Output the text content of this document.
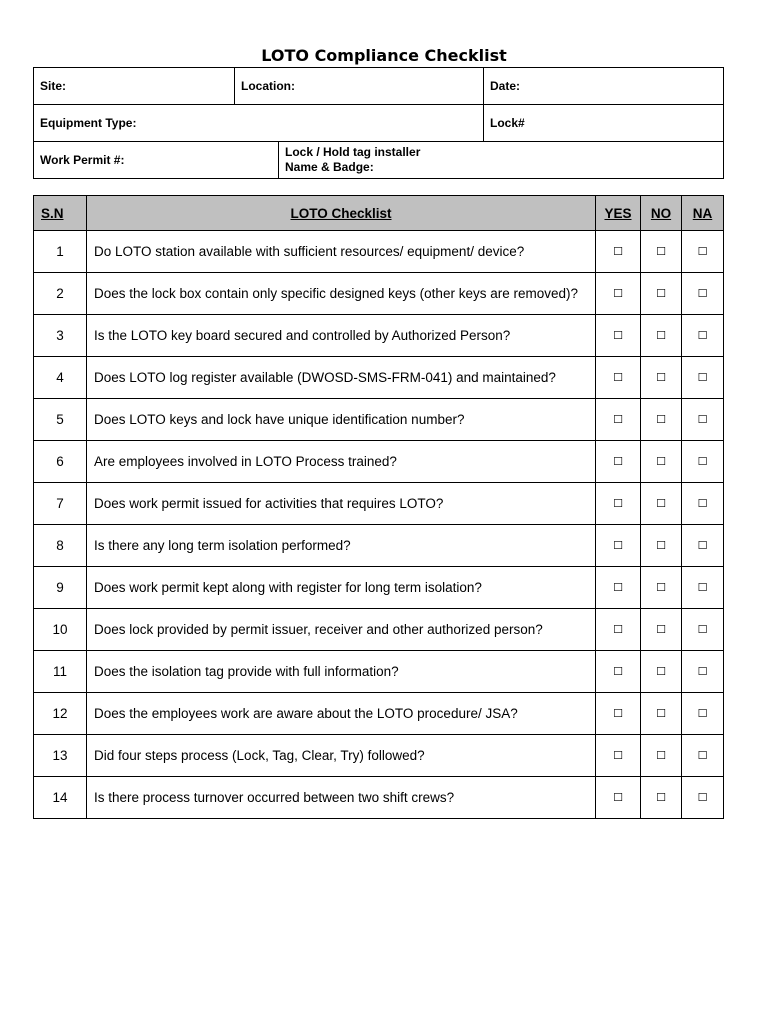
LOTO Compliance Checklist
Site:	Location:		Date:
Equipment Type:			Lock#
Work Permit #:		Lock / Hold tag installer
Name & Badge:	
S.N	LOTO Checklist	YES	NO	NA
1	Do LOTO station available with sufficient resources/ equipment/ device?	☐	☐	☐
2	Does the lock box contain only specific designed keys (other keys are removed)?	☐	☐	☐
3	Is the LOTO key board secured and controlled by Authorized Person?	☐	☐	☐
4	Does LOTO log register available (DWOSD-SMS-FRM-041) and maintained?	☐	☐	☐
5	Does LOTO keys and lock have unique identification number?	☐	☐	☐
6	Are employees involved in LOTO Process trained?	☐	☐	☐
7	Does work permit issued for activities that requires LOTO?	☐	☐	☐
8	Is there any long term isolation performed?	☐	☐	☐
9	Does work permit kept along with register for long term isolation?	☐	☐	☐
10	Does lock provided by permit issuer, receiver and other authorized person?	☐	☐	☐
11	Does the isolation tag provide with full information?	☐	☐	☐
12	Does the employees work are aware about the LOTO procedure/ JSA?	☐	☐	☐
13	Did four steps process (Lock, Tag, Clear, Try) followed?	☐	☐	☐
14	Is there process turnover occurred between two shift crews?	☐	☐	☐
